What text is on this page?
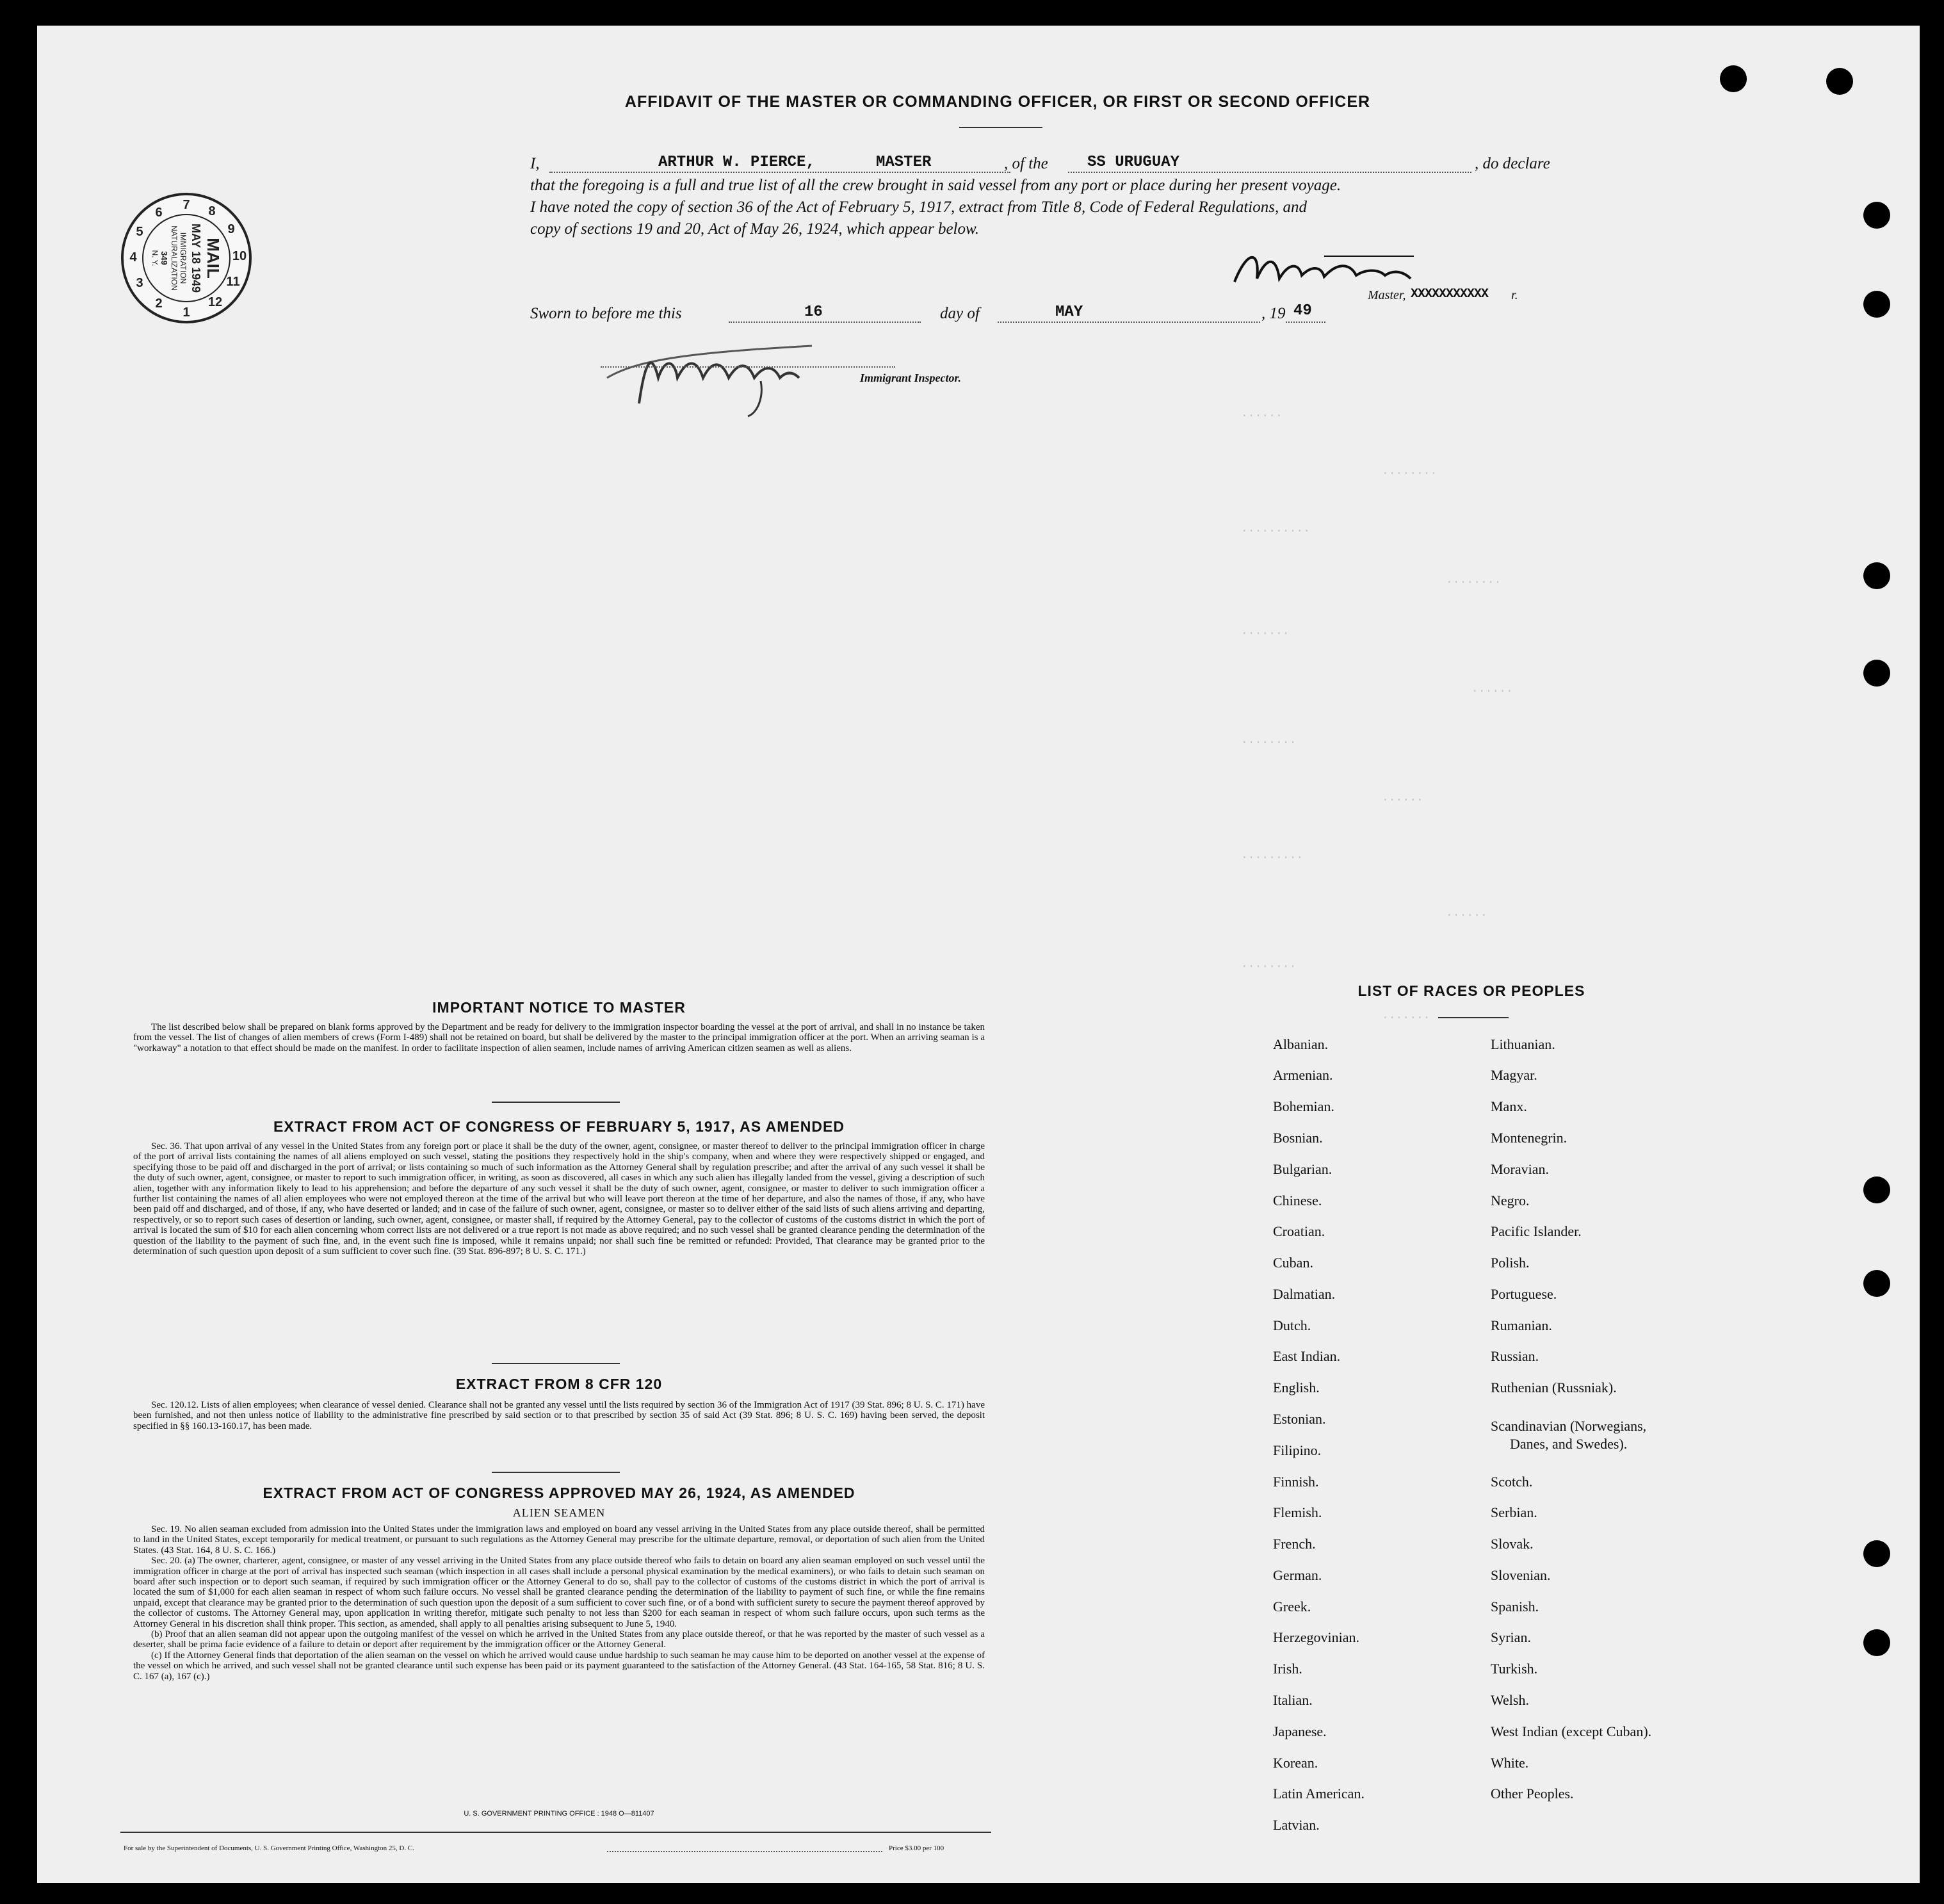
······
········
··········
········
·······
······
········
······
·········
······
········
·······
7 8
9
10
11
12
1
2
3
4
5
6
MAIL
MAY 18 1949
IMMIGRATION
NATURALIZATION
349
N. Y.
AFFIDAVIT OF THE MASTER OR COMMANDING OFFICER, OR FIRST OR SECOND OFFICER
I,	ARTHUR W. PIERCE,	MASTER	, of the	SS URUGUAY	, do declare
that the foregoing is a full and true list of all the crew brought in said vessel from any port or place during her present voyage.
I have noted the copy of section 36 of the Act of February 5, 1917, extract from Title 8, Code of Federal Regulations, and
copy of sections 19 and 20, Act of May 26, 1924, which appear below.
Master, XXXXXXXXXXX r.
Sworn to before me this	16	day of	MAY	, 19 49
Immigrant Inspector.
IMPORTANT NOTICE TO MASTER

The list described below shall be prepared on blank forms approved by the Department and be ready for delivery to the immigration inspector boarding the vessel at the port of arrival, and shall in no instance be taken from the vessel. The list of changes of alien members of crews (Form I-489) shall not be retained on board, but shall be delivered by the master to the principal immigration officer at the port. When an arriving seaman is a "workaway" a notation to that effect should be made on the manifest. In order to facilitate inspection of alien seamen, include names of arriving American citizen seamen as well as aliens.

EXTRACT FROM ACT OF CONGRESS OF FEBRUARY 5, 1917, AS AMENDED

Sec. 36. That upon arrival of any vessel in the United States from any foreign port or place it shall be the duty of the owner, agent, consignee, or master thereof to deliver to the principal immigration officer in charge of the port of arrival lists containing the names of all aliens employed on such vessel, stating the positions they respectively hold in the ship's company, when and where they were respectively shipped or engaged, and specifying those to be paid off and discharged in the port of arrival; or lists containing so much of such information as the Attorney General shall by regulation prescribe; and after the arrival of any such vessel it shall be the duty of such owner, agent, consignee, or master to report to such immigration officer, in writing, as soon as discovered, all cases in which any such alien has illegally landed from the vessel, giving a description of such alien, together with any information likely to lead to his apprehension; and before the departure of any such vessel it shall be the duty of such owner, agent, consignee, or master to deliver to such immigration officer a further list containing the names of all alien employees who were not employed thereon at the time of the arrival but who will leave port thereon at the time of her departure, and also the names of those, if any, who have been paid off and discharged, and of those, if any, who have deserted or landed; and in case of the failure of such owner, agent, consignee, or master so to deliver either of the said lists of such aliens arriving and departing, respectively, or so to report such cases of desertion or landing, such owner, agent, consignee, or master shall, if required by the Attorney General, pay to the collector of customs of the customs district in which the port of arrival is located the sum of $10 for each alien concerning whom correct lists are not delivered or a true report is not made as above required; and no such vessel shall be granted clearance pending the determination of the question of the liability to the payment of such fine, and, in the event such fine is imposed, while it remains unpaid; nor shall such fine be remitted or refunded: Provided, That clearance may be granted prior to the determination of such question upon deposit of a sum sufficient to cover such fine. (39 Stat. 896-897; 8 U. S. C. 171.)

EXTRACT FROM 8 CFR 120

Sec. 120.12. Lists of alien employees; when clearance of vessel denied. Clearance shall not be granted any vessel until the lists required by section 36 of the Immigration Act of 1917 (39 Stat. 896; 8 U. S. C. 171) have been furnished, and not then unless notice of liability to the administrative fine prescribed by said section or to that prescribed by section 35 of said Act (39 Stat. 896; 8 U. S. C. 169) having been served, the deposit specified in §§ 160.13-160.17, has been made.

EXTRACT FROM ACT OF CONGRESS APPROVED MAY 26, 1924, AS AMENDED
ALIEN SEAMEN

Sec. 19. No alien seaman excluded from admission into the United States under the immigration laws and employed on board any vessel arriving in the United States from any place outside thereof, shall be permitted to land in the United States, except temporarily for medical treatment, or pursuant to such regulations as the Attorney General may prescribe for the ultimate departure, removal, or deportation of such alien from the United States. (43 Stat. 164, 8 U. S. C. 166.)

Sec. 20. (a) The owner, charterer, agent, consignee, or master of any vessel arriving in the United States from any place outside thereof who fails to detain on board any alien seaman employed on such vessel until the immigration officer in charge at the port of arrival has inspected such seaman (which inspection in all cases shall include a personal physical examination by the medical examiners), or who fails to detain such seaman on board after such inspection or to deport such seaman, if required by such immigration officer or the Attorney General to do so, shall pay to the collector of customs of the customs district in which the port of arrival is located the sum of $1,000 for each alien seaman in respect of whom such failure occurs. No vessel shall be granted clearance pending the determination of the liability to payment of such fine, or while the fine remains unpaid, except that clearance may be granted prior to the determination of such question upon the deposit of a sum sufficient to cover such fine, or of a bond with sufficient surety to secure the payment thereof approved by the collector of customs. The Attorney General may, upon application in writing therefor, mitigate such penalty to not less than $200 for each seaman in respect of whom such failure occurs, upon such terms as the Attorney General in his discretion shall think proper. This section, as amended, shall apply to all penalties arising subsequent to June 5, 1940.

(b) Proof that an alien seaman did not appear upon the outgoing manifest of the vessel on which he arrived in the United States from any place outside thereof, or that he was reported by the master of such vessel as a deserter, shall be prima facie evidence of a failure to detain or deport after requirement by the immigration officer or the Attorney General.

(c) If the Attorney General finds that deportation of the alien seaman on the vessel on which he arrived would cause undue hardship to such seaman he may cause him to be deported on another vessel at the expense of the vessel on which he arrived, and such vessel shall not be granted clearance until such expense has been paid or its payment guaranteed to the satisfaction of the Attorney General. (43 Stat. 164-165, 58 Stat. 816; 8 U. S. C. 167 (a), 167 (c).)

U. S. GOVERNMENT PRINTING OFFICE : 1948 O—811407
For sale by the Superintendent of Documents, U. S. Government Printing Office, Washington 25, D. C.	Price $3.00 per 100
LIST OF RACES OR PEOPLES
Albanian.
Armenian.
Bohemian.
Bosnian.
Bulgarian.
Chinese.
Croatian.
Cuban.
Dalmatian.
Dutch.
East Indian.
English.
Estonian.
Filipino.
Finnish.
Flemish.
French.
German.
Greek.
Herzegovinian.
Irish.
Italian.
Japanese.
Korean.
Latin American.
Latvian.
Lithuanian.
Magyar.
Manx.
Montenegrin.
Moravian.
Negro.
Pacific Islander.
Polish.
Portuguese.
Rumanian.
Russian.
Ruthenian (Russniak).
Scandinavian (Norwegians,
Danes, and Swedes).
Scotch.
Serbian.
Slovak.
Slovenian.
Spanish.
Syrian.
Turkish.
Welsh.
West Indian (except Cuban).
White.
Other Peoples.
